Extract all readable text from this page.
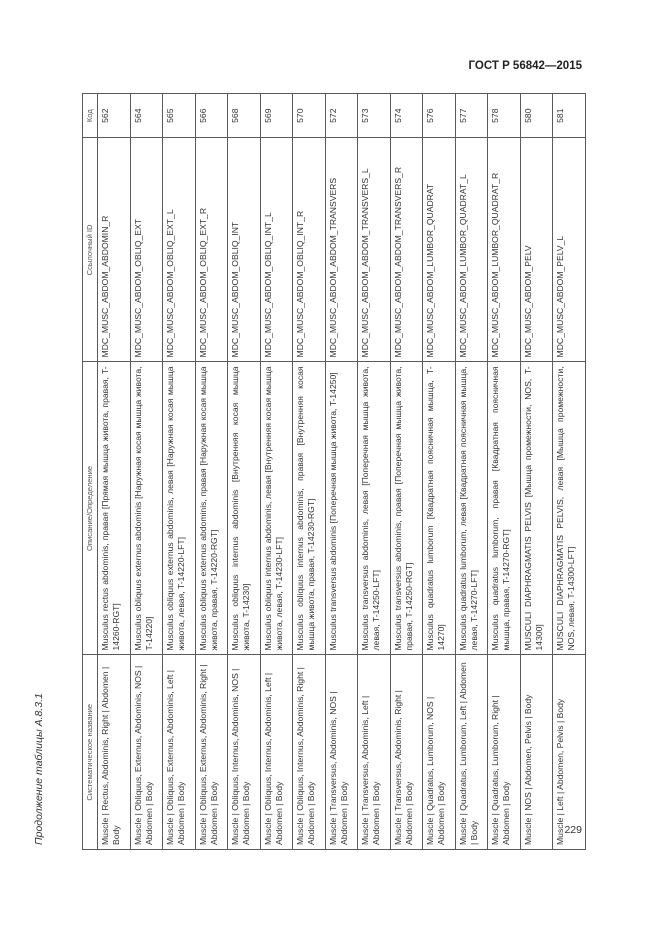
ГОСТ Р 56842—2015
Продолжение таблицы А.8.3.1	Систематическое название	Описание/Определение	Ссылочный ID	Код
Muscle | Rectus, Abdominis, Right | Abdomen | Body	Musculus rectus abdominis, правая [Прямая мышца живота, правая, T-14260-RGT]	MDC_MUSC_ABDOM_ABDOMIN_R	562
Muscle | Obliquus, Externus, Abdominis, NOS | Abdomen | Body	Musculus obliquus externus abdominis [Наружная косая мышца живота, T-14220]	MDC_MUSC_ABDOM_OBLIQ_EXT	564
Muscle | Obliquus, Externus, Abdominis, Left | Abdomen | Body	Musculus obliquus externus abdominis, левая [Наружная косая мышца живота, левая, T-14220-LFT]	MDC_MUSC_ABDOM_OBLIQ_EXT_L	565
Muscle | Obliquus, Externus, Abdominis, Right | Abdomen | Body	Musculus obliquus externus abdominis, правая [Наружная косая мышца живота, правая, T-14220-RGT]	MDC_MUSC_ABDOM_OBLIQ_EXT_R	566
Muscle | Obliquus, Internus, Abdominis, NOS | Abdomen | Body	Musculus obliquus internus abdominis [Внутренняя косая мышца живота, T-14230]	MDC_MUSC_ABDOM_OBLIQ_INT	568
Muscle | Obliquus, Internus, Abdominis, Left | Abdomen | Body	Musculus obliquus internus abdominis, левая [Внутренняя косая мышца живота, левая, T-14230-LFT]	MDC_MUSC_ABDOM_OBLIQ_INT_L	569
Muscle | Obliquus, Internus, Abdominis, Right | Abdomen | Body	Musculus obliquus internus abdominis, правая [Внутренняя косая мышца живота, правая, T-14230-RGT]	MDC_MUSC_ABDOM_OBLIQ_INT_R	570
Muscle | Transversus, Abdominis, NOS | Abdomen | Body	Musculus transversus abdominis [Поперечная мышца живота, T-14250]	MDC_MUSC_ABDOM_ABDOM_TRANSVERS	572
Muscle | Transversus, Abdominis, Left | Abdomen | Body	Musculus transversus abdominis, левая [Поперечная мышца живота, левая, T-14250-LFT]	MDC_MUSC_ABDOM_ABDOM_TRANSVERS_L	573
Muscle | Transversus, Abdominis, Right | Abdomen | Body	Musculus transversus abdominis, правая [Поперечная мышца живота, правая, T-14250-RGT]	MDC_MUSC_ABDOM_ABDOM_TRANSVERS_R	574
Muscle | Quadratus, Lumborum, NOS | Abdomen | Body	Musculus quadratus lumborum [Квадратная поясничная мышца, T-14270]	MDC_MUSC_ABDOM_LUMBOR_QUADRAT	576
Muscle | Quadratus, Lumborum, Left | Abdomen | Body	Musculus quadratus lumborum, левая [Квадратная поясничная мышца, левая, T-14270-LFT]	MDC_MUSC_ABDOM_LUMBOR_QUADRAT_L	577
Muscle | Quadratus, Lumborum, Right | Abdomen | Body	Musculus quadratus lumborum, правая [Квадратная поясничная мышца, правая, T-14270-RGT]	MDC_MUSC_ABDOM_LUMBOR_QUADRAT_R	578
Muscle | NOS | Abdomen, Pelvis | Body	MUSCULI DIAPHRAGMATIS PELVIS [Мышца промежности, NOS, T-14300]	MDC_MUSC_ABDOM_PELV	580
Muscle | Left | Abdomen, Pelvis | Body	MUSCULI DIAPHRAGMATIS PELVIS, левая [Мышца промежности, NOS, левая, T-14300-LFT]	MDC_MUSC_ABDOM_PELV_L	581
229
